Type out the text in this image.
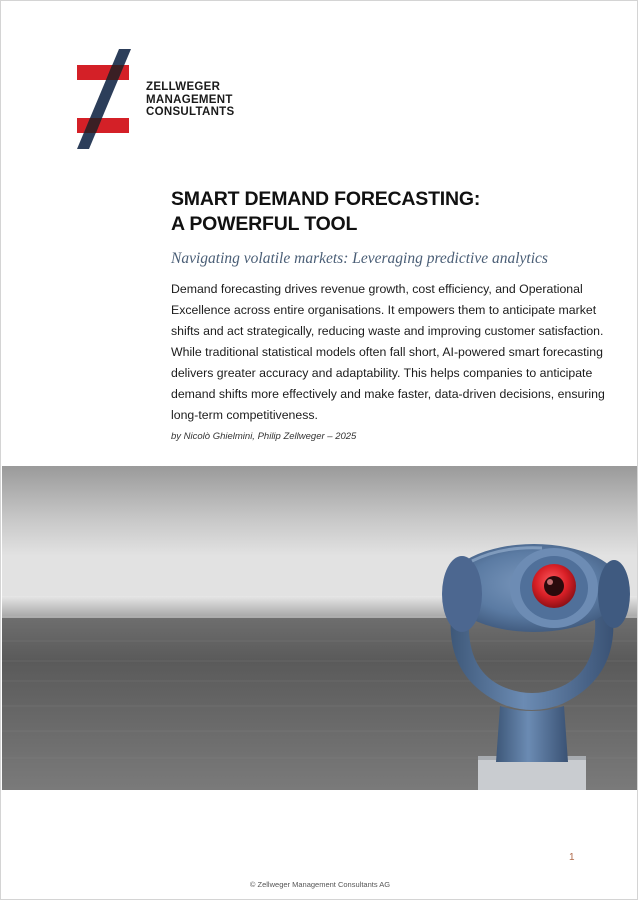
ZELLWEGER
MANAGEMENT
CONSULTANTS
SMART DEMAND FORECASTING:
A POWERFUL TOOL
Navigating volatile markets: Leveraging predictive analytics
Demand forecasting drives revenue growth, cost efficiency, and Operational
Excellence across entire organisations. It empowers them to anticipate market
shifts and act strategically, reducing waste and improving customer satisfaction.
While traditional statistical models often fall short, AI-powered smart forecasting
delivers greater accuracy and adaptability. This helps companies to anticipate
demand shifts more effectively and make faster, data-driven decisions, ensuring
long-term competitiveness.
by Nicolò Ghielmini, Philip Zellweger – 2025
1
© Zellweger Management Consultants AG
